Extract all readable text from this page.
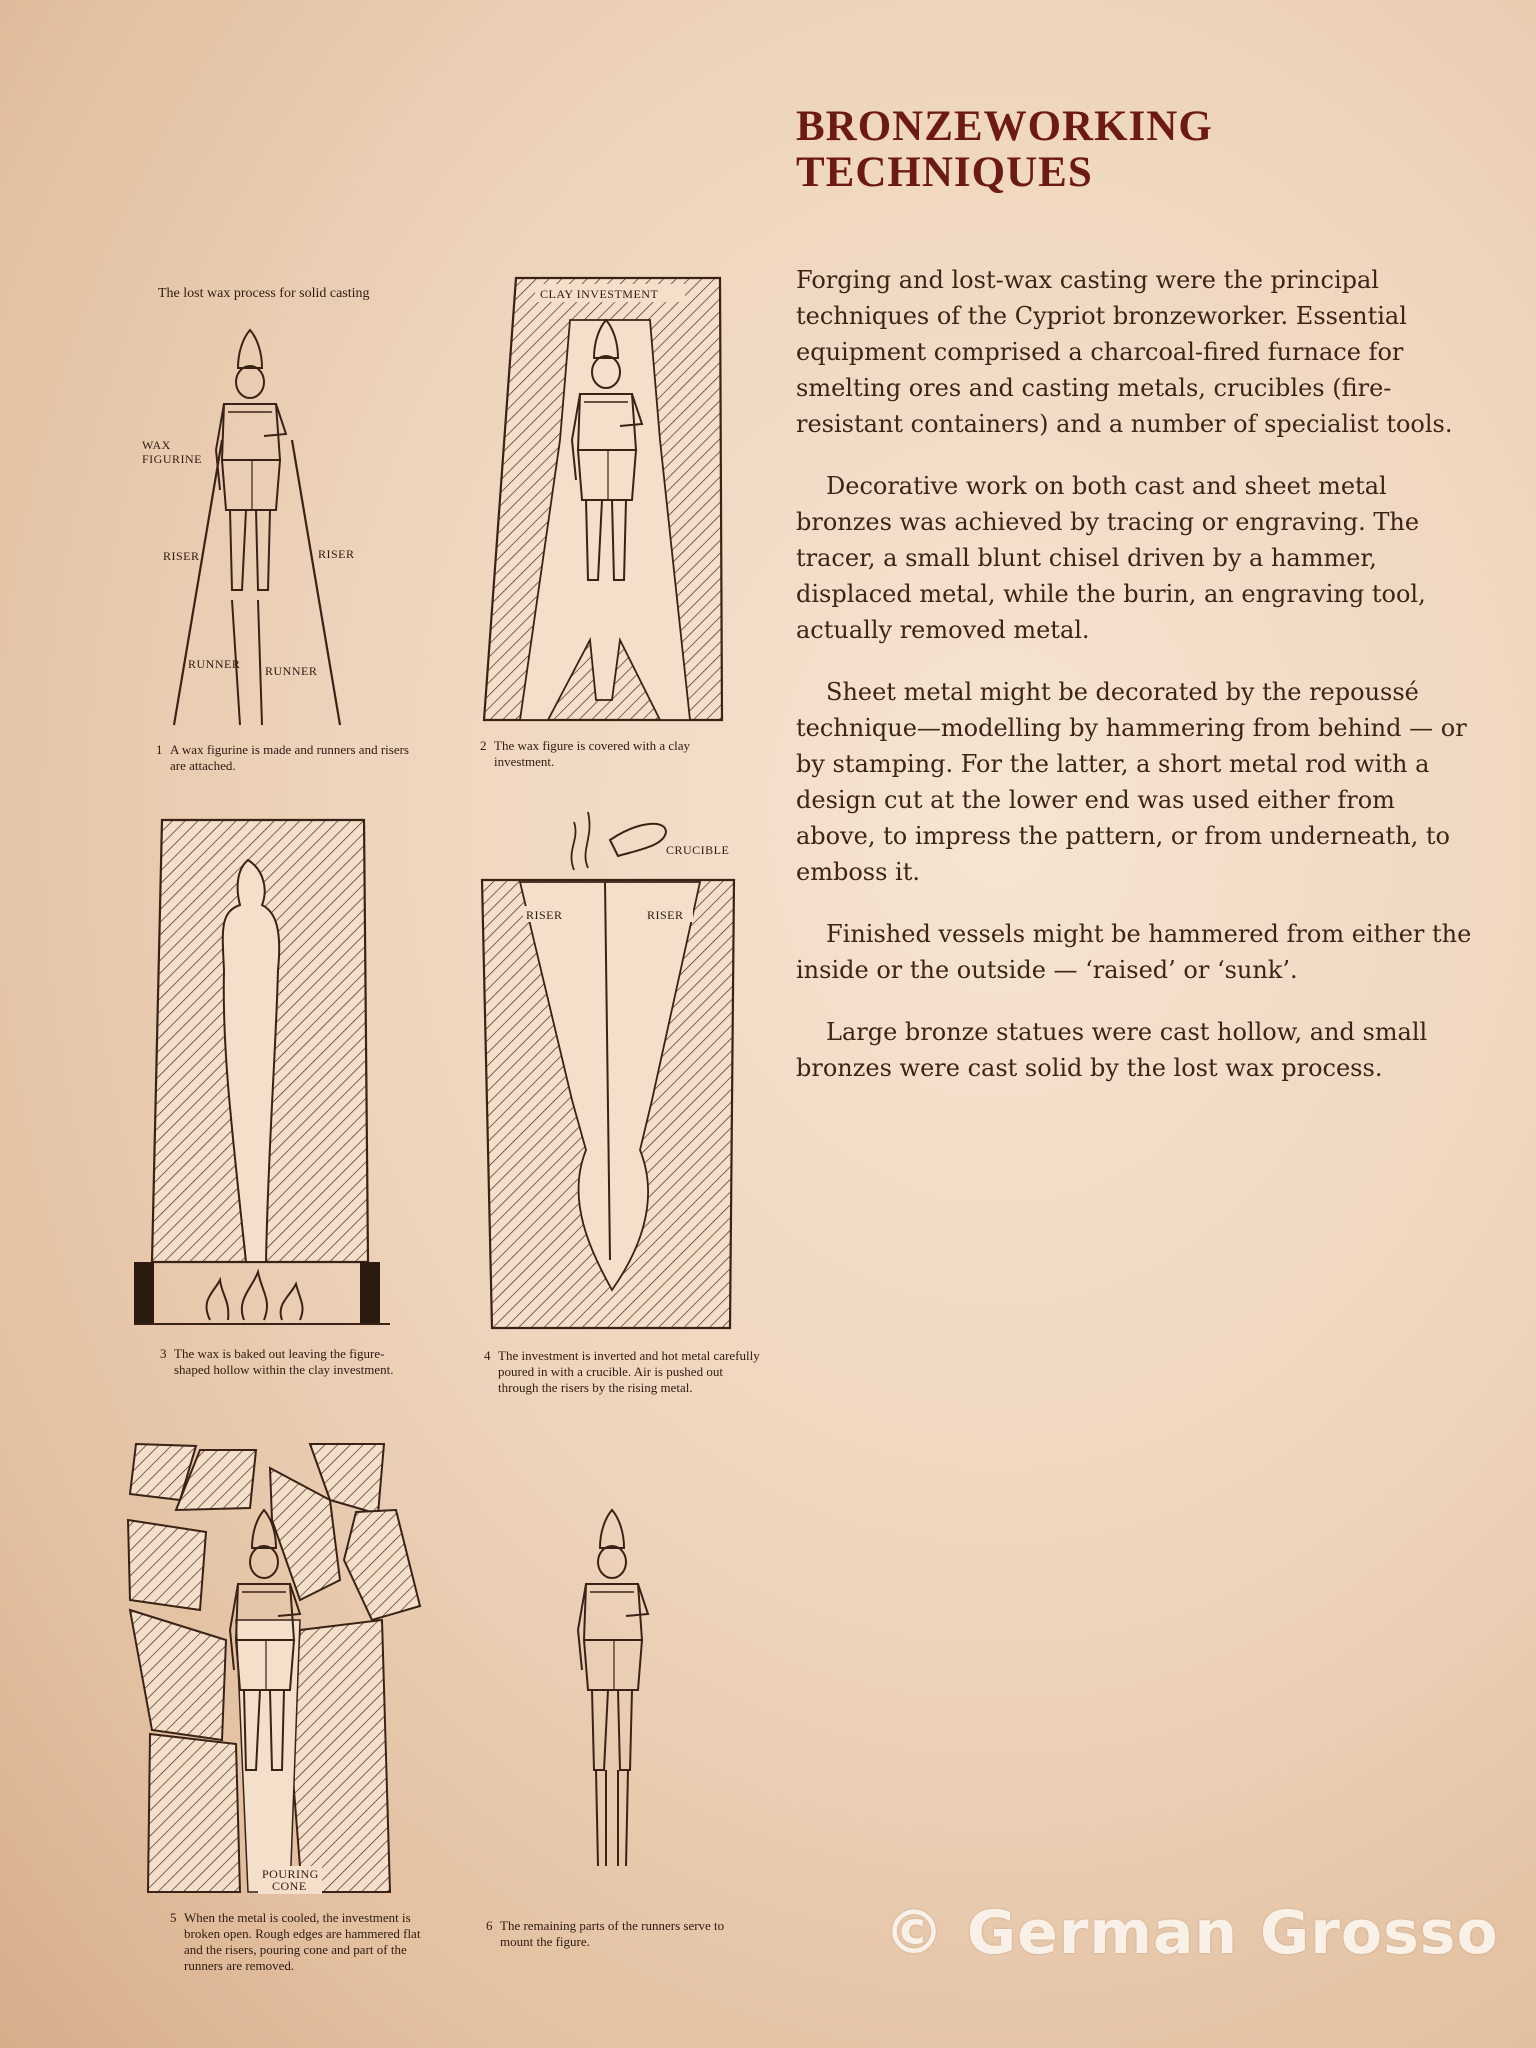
BRONZEWORKING
TECHNIQUES

Forging and lost-wax casting were the principal techniques of the Cypriot bronzeworker. Essential equipment comprised a charcoal-fired furnace for smelting ores and casting metals, crucibles (fire-resistant containers) and a number of specialist tools.

Decorative work on both cast and sheet metal bronzes was achieved by tracing or engraving. The tracer, a small blunt chisel driven by a hammer, displaced metal, while the burin, an engraving tool, actually removed metal.

Sheet metal might be decorated by the repoussé technique—modelling by hammering from behind — or by stamping. For the latter, a short metal rod with a design cut at the lower end was used either from above, to impress the pattern, or from underneath, to emboss it.

Finished vessels might be hammered from either the inside or the outside — ‘raised’ or ‘sunk’.

Large bronze statues were cast hollow, and small bronzes were cast solid by the lost wax process.

The lost wax process for solid casting
WAX
FIGURINE
RISER	RISER
RUNNER RUNNER
CLAY INVESTMENT
RISER	RISER
CRUCIBLE
POURING
CONE
1 A wax figurine is made and runners and risers are attached.
2 The wax figure is covered with a clay investment.
3 The wax is baked out leaving the figure-shaped hollow within the clay investment.
4 The investment is inverted and hot metal carefully poured in with a crucible. Air is pushed out through the risers by the rising metal.
5 When the metal is cooled, the investment is broken open. Rough edges are hammered flat and the risers, pouring cone and part of the runners are removed.
6 The remaining parts of the runners serve to mount the figure.	© German Grosso
